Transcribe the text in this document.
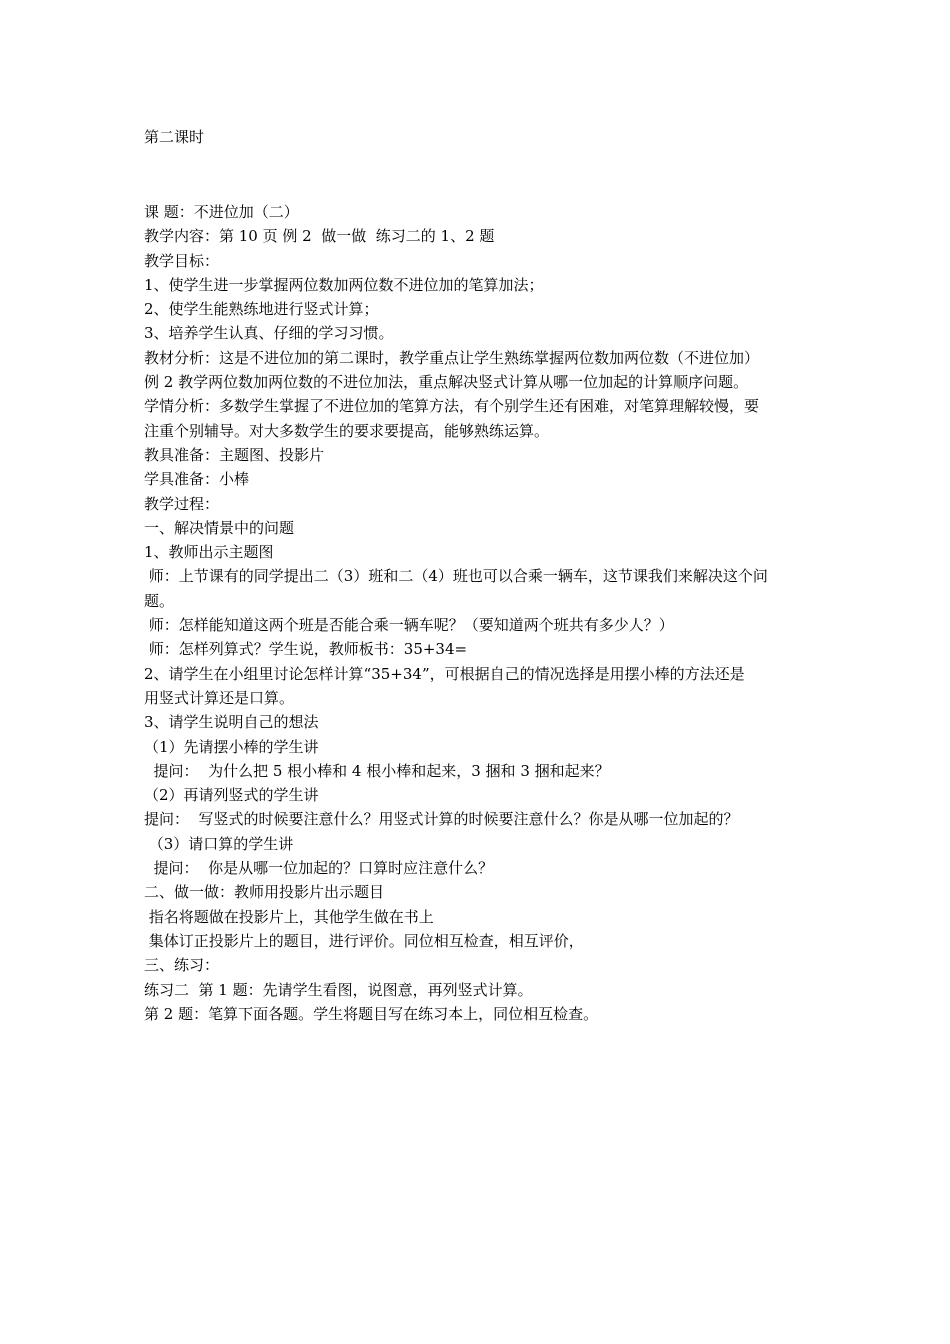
第二课时
课 题：不进位加（二）
教学内容：第 10 页 例 2  做一做  练习二的 1、2 题
教学目标：
1、使学生进一步掌握两位数加两位数不进位加的笔算加法；
2、使学生能熟练地进行竖式计算；
3、培养学生认真、仔细的学习习惯。
教材分析：这是不进位加的第二课时，教学重点让学生熟练掌握两位数加两位数（不进位加）
例 2 教学两位数加两位数的不进位加法，重点解决竖式计算从哪一位加起的计算顺序问题。
学情分析：多数学生掌握了不进位加的笔算方法，有个别学生还有困难，对笔算理解较慢，要
注重个别辅导。对大多数学生的要求要提高，能够熟练运算。
教具准备：主题图、投影片
学具准备：小棒
教学过程：
一、解决情景中的问题
1、教师出示主题图
师：上节课有的同学提出二（3）班和二（4）班也可以合乘一辆车，这节课我们来解决这个问
题。
师：怎样能知道这两个班是否能合乘一辆车呢？（要知道两个班共有多少人？）
师：怎样列算式？学生说，教师板书：35+34=
2、请学生在小组里讨论怎样计算“35+34”，可根据自己的情况选择是用摆小棒的方法还是
用竖式计算还是口算。
3、请学生说明自己的想法
（1）先请摆小棒的学生讲
提问：  为什么把 5 根小棒和 4 根小棒和起来，3 捆和 3 捆和起来？
（2）再请列竖式的学生讲
提问：  写竖式的时候要注意什么？用竖式计算的时候要注意什么？你是从哪一位加起的？
（3）请口算的学生讲
提问：  你是从哪一位加起的？口算时应注意什么？
二、做一做：教师用投影片出示题目
指名将题做在投影片上，其他学生做在书上
集体订正投影片上的题目，进行评价。同位相互检查，相互评价，
三、练习：
练习二  第 1 题：先请学生看图，说图意，再列竖式计算。
第 2 题：笔算下面各题。学生将题目写在练习本上，同位相互检查。
